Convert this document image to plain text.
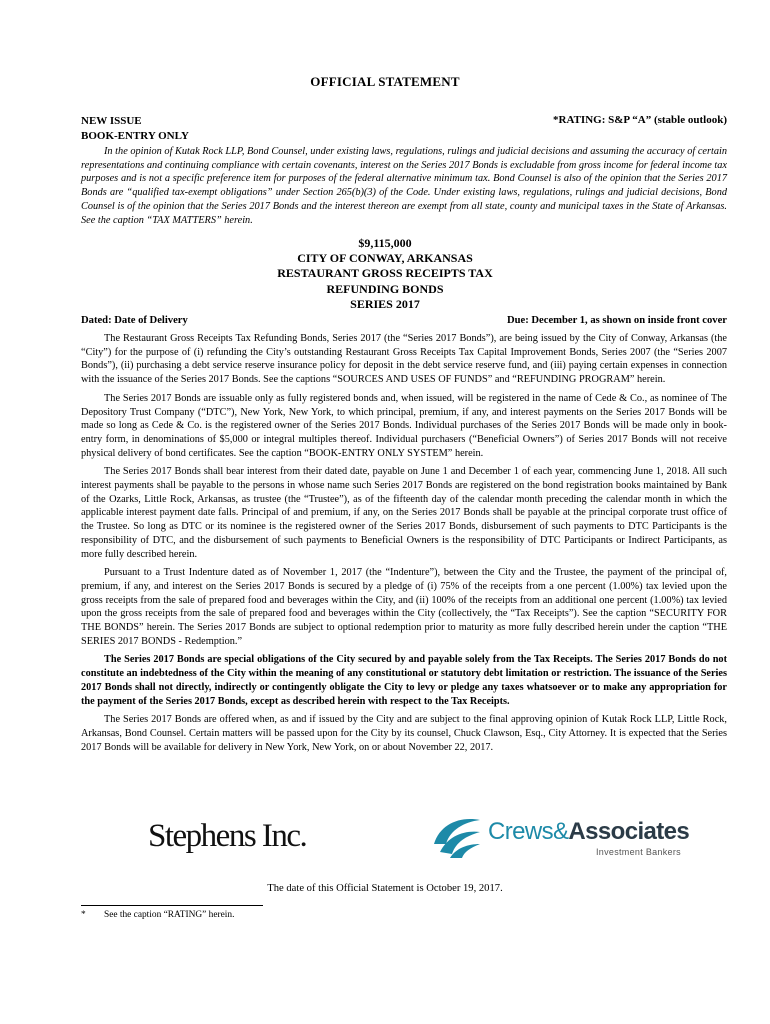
OFFICIAL STATEMENT
NEW ISSUE
BOOK-ENTRY ONLY
*RATING: S&P “A” (stable outlook)
In the opinion of Kutak Rock LLP, Bond Counsel, under existing laws, regulations, rulings and judicial decisions and assuming the accuracy of certain representations and continuing compliance with certain covenants, interest on the Series 2017 Bonds is excludable from gross income for federal income tax purposes and is not a specific preference item for purposes of the federal alternative minimum tax. Bond Counsel is also of the opinion that the Series 2017 Bonds are “qualified tax-exempt obligations” under Section 265(b)(3) of the Code. Under existing laws, regulations, rulings and judicial decisions, Bond Counsel is of the opinion that the Series 2017 Bonds and the interest thereon are exempt from all state, county and municipal taxes in the State of Arkansas. See the caption “TAX MATTERS” herein.
$9,115,000
CITY OF CONWAY, ARKANSAS
RESTAURANT GROSS RECEIPTS TAX
REFUNDING BONDS
SERIES 2017
Dated: Date of Delivery	Due: December 1, as shown on inside front cover

The Restaurant Gross Receipts Tax Refunding Bonds, Series 2017 (the “Series 2017 Bonds”), are being issued by the City of Conway, Arkansas (the “City”) for the purpose of (i) refunding the City’s outstanding Restaurant Gross Receipts Tax Capital Improvement Bonds, Series 2007 (the “Series 2007 Bonds”), (ii) purchasing a debt service reserve insurance policy for deposit in the debt service reserve fund, and (iii) paying certain expenses in connection with the issuance of the Series 2017 Bonds. See the captions “SOURCES AND USES OF FUNDS” and “REFUNDING PROGRAM” herein.

The Series 2017 Bonds are issuable only as fully registered bonds and, when issued, will be registered in the name of Cede & Co., as nominee of The Depository Trust Company (“DTC”), New York, New York, to which principal, premium, if any, and interest payments on the Series 2017 Bonds will be made so long as Cede & Co. is the registered owner of the Series 2017 Bonds. Individual purchases of the Series 2017 Bonds will be made only in book-entry form, in denominations of $5,000 or integral multiples thereof. Individual purchasers (“Beneficial Owners”) of Series 2017 Bonds will not receive physical delivery of bond certificates. See the caption “BOOK-ENTRY ONLY SYSTEM” herein.

The Series 2017 Bonds shall bear interest from their dated date, payable on June 1 and December 1 of each year, commencing June 1, 2018. All such interest payments shall be payable to the persons in whose name such Series 2017 Bonds are registered on the bond registration books maintained by Bank of the Ozarks, Little Rock, Arkansas, as trustee (the “Trustee”), as of the fifteenth day of the calendar month preceding the calendar month in which the applicable interest payment date falls. Principal of and premium, if any, on the Series 2017 Bonds shall be payable at the principal corporate trust office of the Trustee. So long as DTC or its nominee is the registered owner of the Series 2017 Bonds, disbursement of such payments to DTC Participants is the responsibility of DTC, and the disbursement of such payments to Beneficial Owners is the responsibility of DTC Participants or Indirect Participants, as more fully described herein.

Pursuant to a Trust Indenture dated as of November 1, 2017 (the “Indenture”), between the City and the Trustee, the payment of the principal of, premium, if any, and interest on the Series 2017 Bonds is secured by a pledge of (i) 75% of the receipts from a one percent (1.00%) tax levied upon the gross receipts from the sale of prepared food and beverages within the City, and (ii) 100% of the receipts from an additional one percent (1.00%) tax levied upon the gross receipts from the sale of prepared food and beverages within the City (collectively, the “Tax Receipts”). See the caption “SECURITY FOR THE BONDS” herein. The Series 2017 Bonds are subject to optional redemption prior to maturity as more fully described herein under the caption “THE SERIES 2017 BONDS - Redemption.”

The Series 2017 Bonds are special obligations of the City secured by and payable solely from the Tax Receipts. The Series 2017 Bonds do not constitute an indebtedness of the City within the meaning of any constitutional or statutory debt limitation or restriction. The issuance of the Series 2017 Bonds shall not directly, indirectly or contingently obligate the City to levy or pledge any taxes whatsoever or to make any appropriation for the payment of the Series 2017 Bonds, except as described herein with respect to the Tax Receipts.

The Series 2017 Bonds are offered when, as and if issued by the City and are subject to the final approving opinion of Kutak Rock LLP, Little Rock, Arkansas, Bond Counsel. Certain matters will be passed upon for the City by its counsel, Chuck Clawson, Esq., City Attorney. It is expected that the Series 2017 Bonds will be available for delivery in New York, New York, on or about November 22, 2017.

Stephens Inc.	Crews&Associates
Investment Bankers
The date of this Official Statement is October 19, 2017.
* See the caption “RATING” herein.
